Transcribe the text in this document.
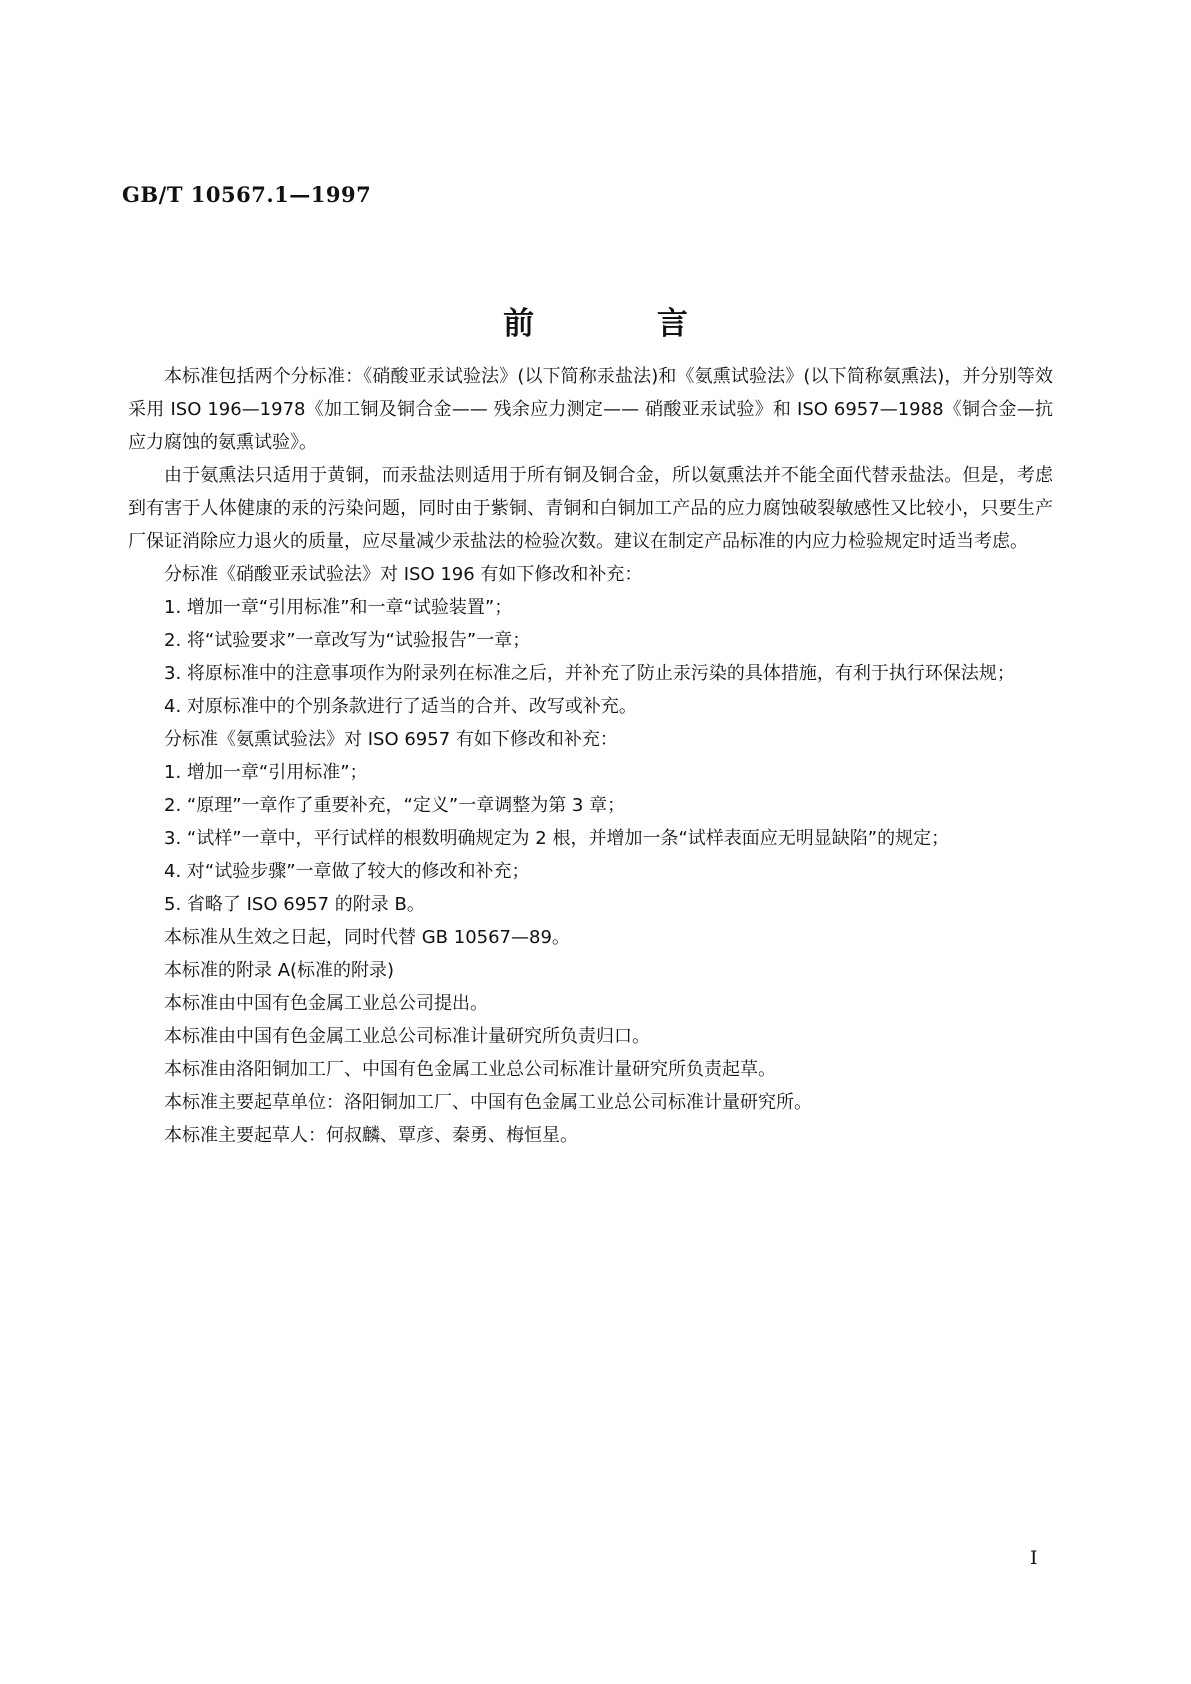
GB/T 10567.1—1997
前 言

本标准包括两个分标准：《硝酸亚汞试验法》(以下简称汞盐法)和《氨熏试验法》(以下简称氨熏法)，并分别等效采用 ISO 196—1978《加工铜及铜合金—— 残余应力测定—— 硝酸亚汞试验》和 ISO 6957—1988《铜合金—抗应力腐蚀的氨熏试验》。

由于氨熏法只适用于黄铜，而汞盐法则适用于所有铜及铜合金，所以氨熏法并不能全面代替汞盐法。但是，考虑到有害于人体健康的汞的污染问题，同时由于紫铜、青铜和白铜加工产品的应力腐蚀破裂敏感性又比较小，只要生产厂保证消除应力退火的质量，应尽量减少汞盐法的检验次数。建议在制定产品标准的内应力检验规定时适当考虑。

分标准《硝酸亚汞试验法》对 ISO 196 有如下修改和补充：

1. 增加一章“引用标准”和一章“试验装置”；

2. 将“试验要求”一章改写为“试验报告”一章；

3. 将原标准中的注意事项作为附录列在标准之后，并补充了防止汞污染的具体措施，有利于执行环保法规；

4. 对原标准中的个别条款进行了适当的合并、改写或补充。

分标准《氨熏试验法》对 ISO 6957 有如下修改和补充：

1. 增加一章“引用标准”；

2. “原理”一章作了重要补充，“定义”一章调整为第 3 章；

3. “试样”一章中，平行试样的根数明确规定为 2 根，并增加一条“试样表面应无明显缺陷”的规定；

4. 对“试验步骤”一章做了较大的修改和补充；

5. 省略了 ISO 6957 的附录 B。

本标准从生效之日起，同时代替 GB 10567—89。

本标准的附录 A(标准的附录)

本标准由中国有色金属工业总公司提出。

本标准由中国有色金属工业总公司标准计量研究所负责归口。

本标准由洛阳铜加工厂、中国有色金属工业总公司标准计量研究所负责起草。

本标准主要起草单位：洛阳铜加工厂、中国有色金属工业总公司标准计量研究所。

本标准主要起草人：何叔麟、覃彦、秦勇、梅恒星。

I
